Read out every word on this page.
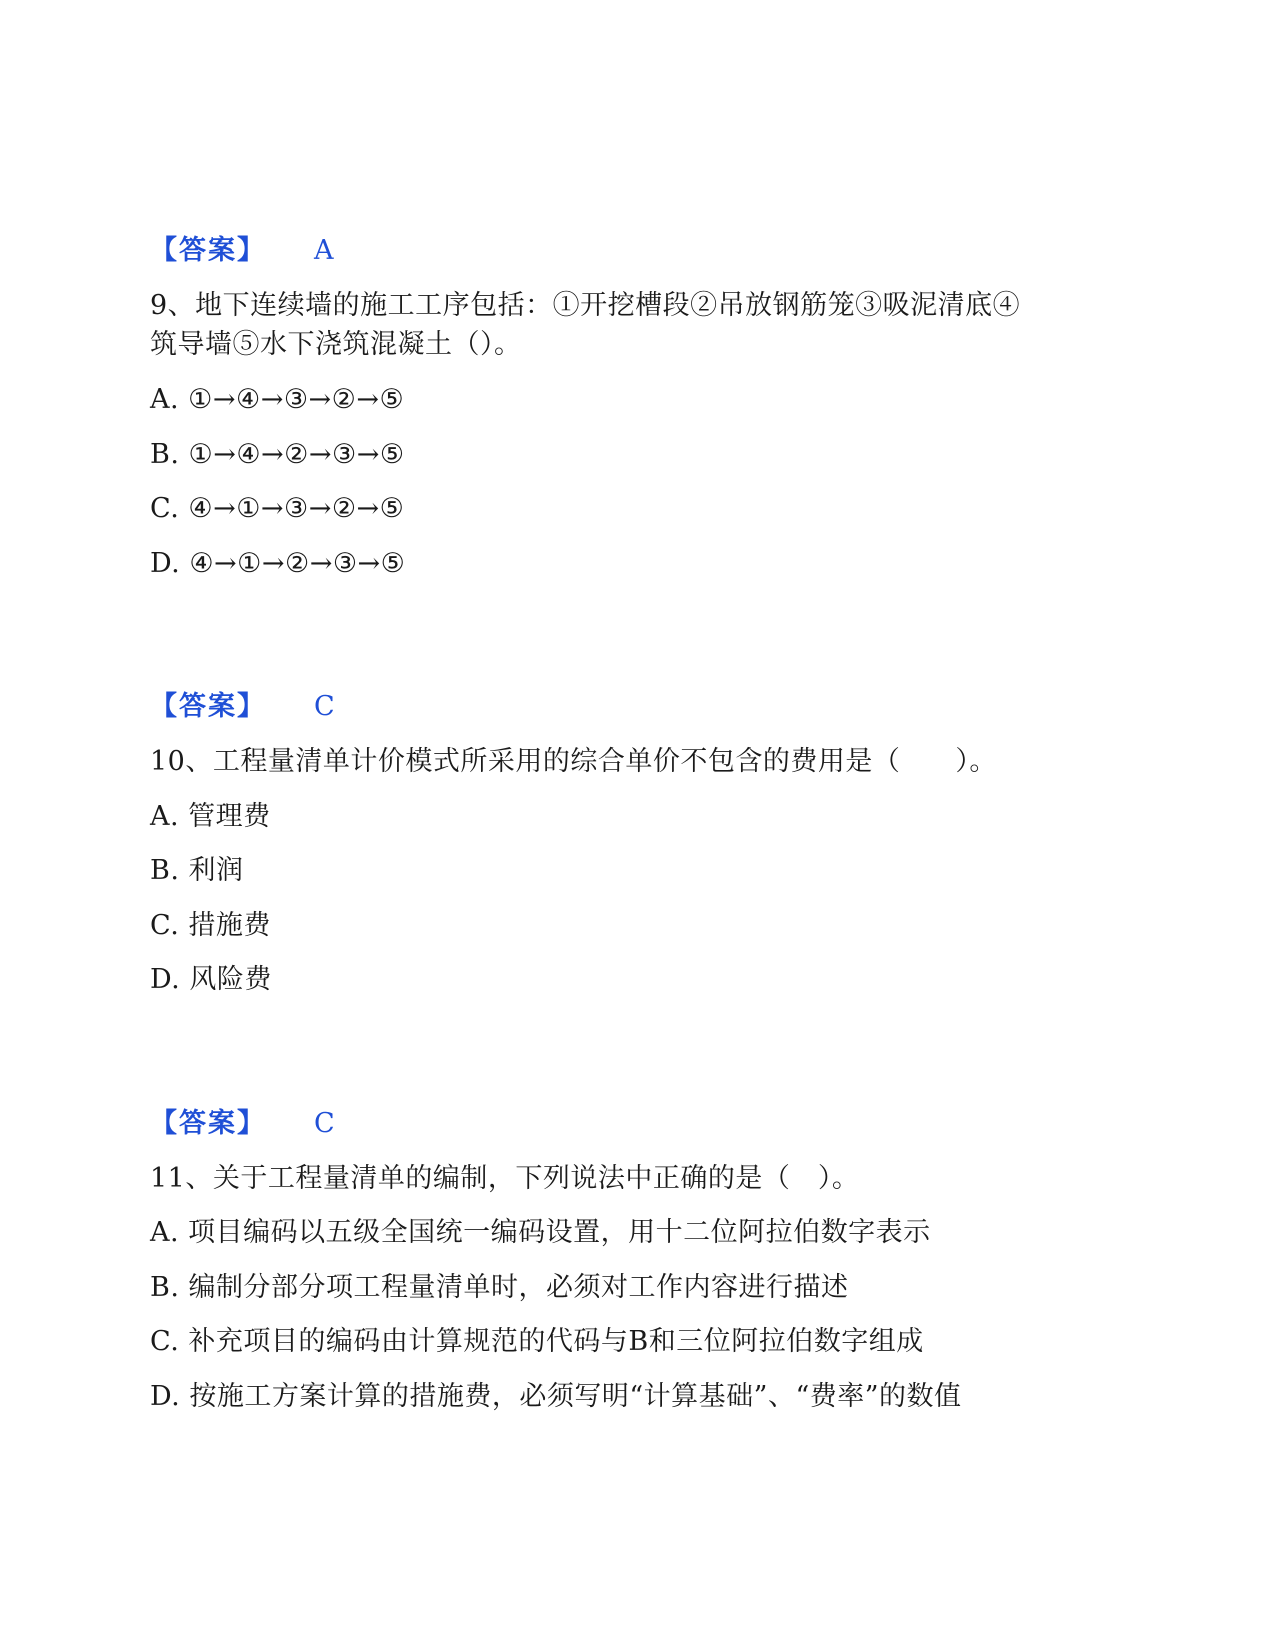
【答案】 A
9、地下连续墙的施工工序包括：①开挖槽段②吊放钢筋笼③吸泥清底④
筑导墙⑤水下浇筑混凝土（）。
A. ①→④→③→②→⑤
B. ①→④→②→③→⑤
C. ④→①→③→②→⑤
D. ④→①→②→③→⑤
【答案】 C
10、工程量清单计价模式所采用的综合单价不包含的费用是（　　）。
A. 管理费
B. 利润
C. 措施费
D. 风险费
【答案】 C
11、关于工程量清单的编制，下列说法中正确的是（　）。
A. 项目编码以五级全国统一编码设置，用十二位阿拉伯数字表示
B. 编制分部分项工程量清单时，必须对工作内容进行描述
C. 补充项目的编码由计算规范的代码与B和三位阿拉伯数字组成
D. 按施工方案计算的措施费，必须写明“计算基础”、“费率”的数值
